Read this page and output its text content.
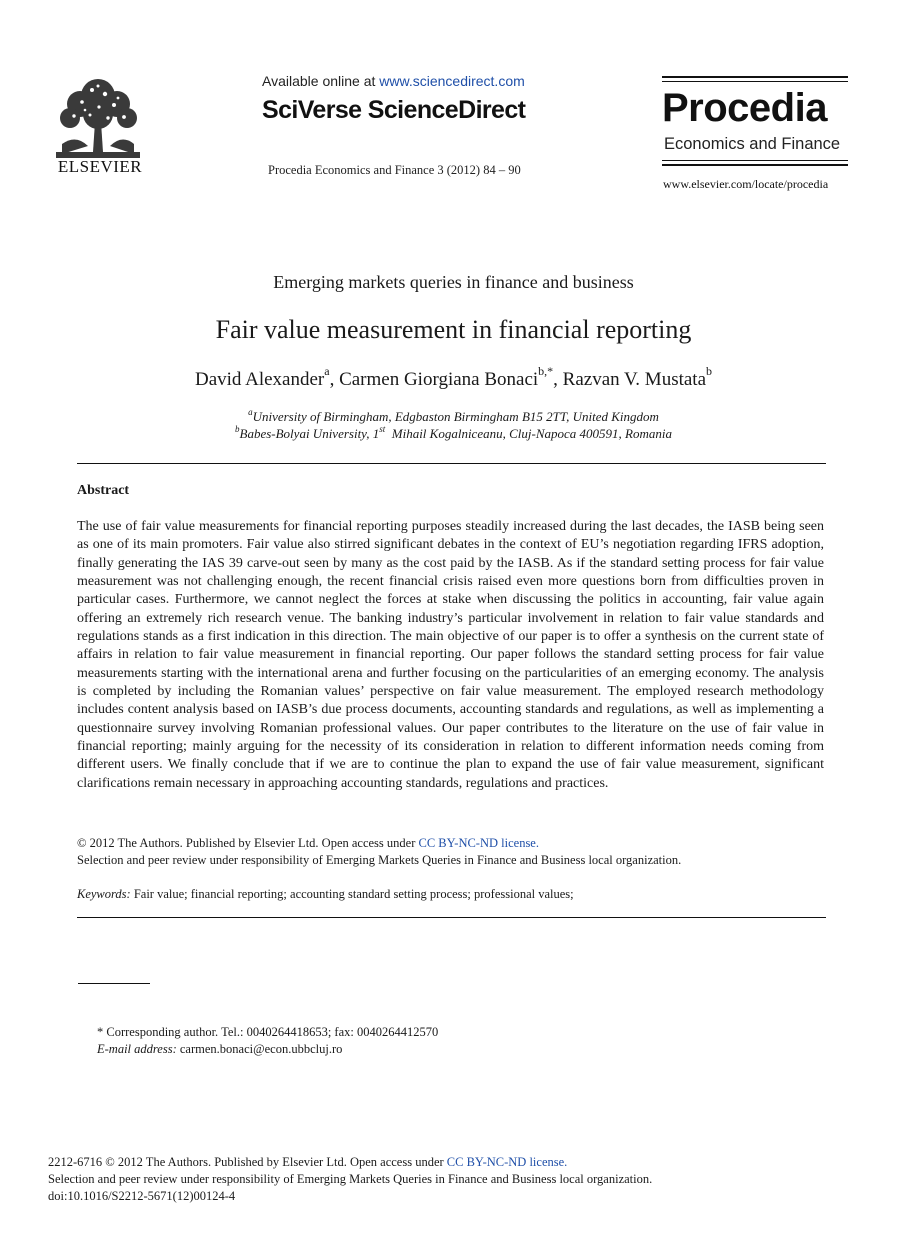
ELSEVIER
Available online at www.sciencedirect.com
SciVerse ScienceDirect
Procedia Economics and Finance 3 (2012) 84 – 90
Procedia
Economics and Finance
www.elsevier.com/locate/procedia
Emerging markets queries in finance and business
Fair value measurement in financial reporting
David Alexander$^a$, Carmen Giorgiana Bonaci$^{b,*}$, Razvan V. Mustata$^b$
$^a$University of Birmingham, Edgbaston Birmingham B15 2TT, United Kingdom
$^b$Babes-Bolyai University, 1st  Mihail Kogalniceanu, Cluj-Napoca 400591, Romania
Abstract

The use of fair value measurements for financial reporting purposes steadily increased during the last decades, the IASB being seen as one of its main promoters. Fair value also stirred significant debates in the context of EU’s negotiation regarding IFRS adoption, finally generating the IAS 39 carve-out seen by many as the cost paid by the IASB. As if the standard setting process for fair value measurement was not challenging enough, the recent financial crisis raised even more questions born from difficulties proven in particular cases. Furthermore, we cannot neglect the forces at stake when discussing the politics in accounting, fair value again offering an extremely rich research venue. The banking industry’s particular involvement in relation to fair value standards and regulations stands as a first indication in this direction. The main objective of our paper is to offer a synthesis on the current state of affairs in relation to fair value measurement in financial reporting. Our paper follows the standard setting process for fair value measurements starting with the international arena and further focusing on the particularities of an emerging economy. The analysis is completed by including the Romanian values’ perspective on fair value measurement. The employed research methodology includes content analysis based on IASB’s due process documents, accounting standards and regulations, as well as implementing a questionnaire survey involving Romanian professional values. Our paper contributes to the literature on the use of fair value in financial reporting; mainly arguing for the necessity of its consideration in relation to different information needs coming from different users. We finally conclude that if we are to continue the plan to expand the use of fair value measurement, significant clarifications remain necessary in approaching accounting standards, regulations and practices.

© 2012 The Authors. Published by Elsevier Ltd. Open access under CC BY-NC-ND license.
Selection and peer review under responsibility of Emerging Markets Queries in Finance and Business local organization.
Keywords: Fair value; financial reporting; accounting standard setting process; professional values;
* Corresponding author. Tel.: 0040264418653; fax: 0040264412570
E-mail address: carmen.bonaci@econ.ubbcluj.ro
2212-6716 © 2012 The Authors. Published by Elsevier Ltd. Open access under CC BY-NC-ND license.
Selection and peer review under responsibility of Emerging Markets Queries in Finance and Business local organization.
doi:10.1016/S2212-5671(12)00124-4
